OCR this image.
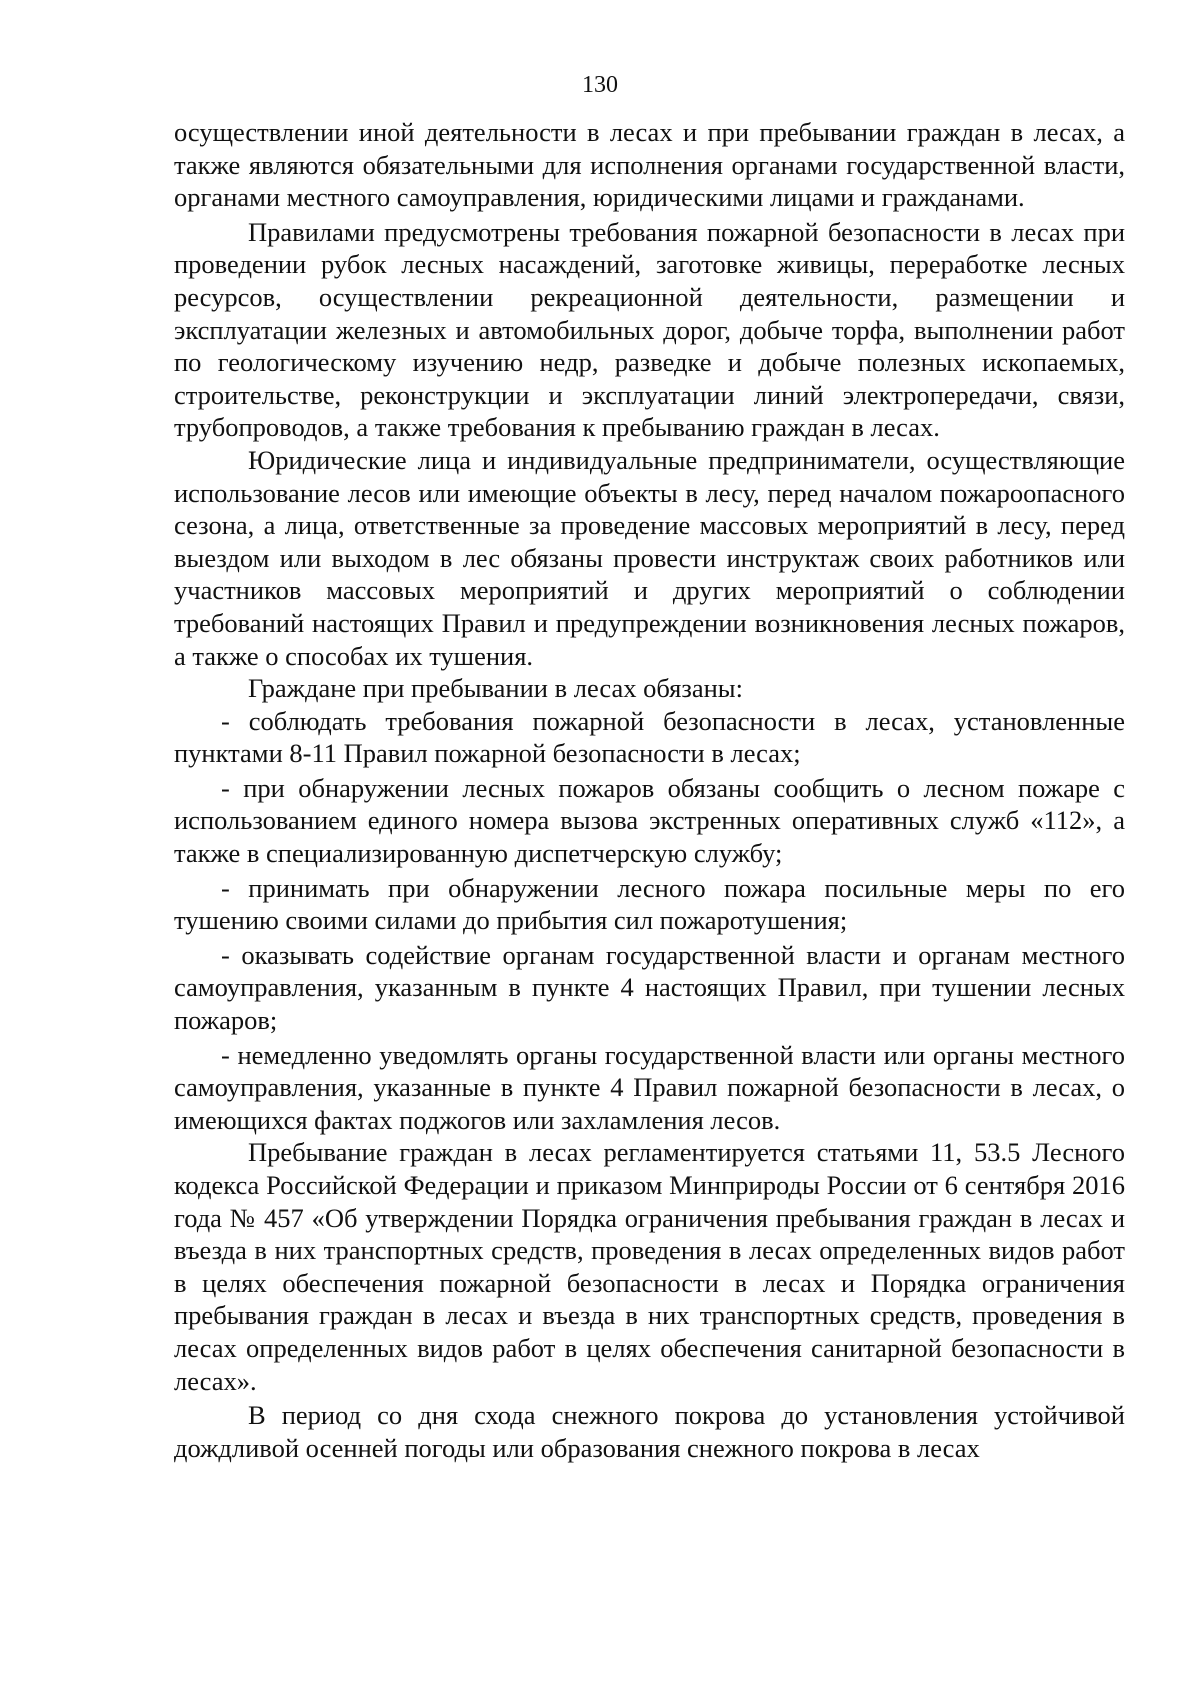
130

осуществлении иной деятельности в лесах и при пребывании граждан в лесах, а также являются обязательными для исполнения органами государственной власти, органами местного самоуправления, юридическими лицами и гражданами.

Правилами предусмотрены требования пожарной безопасности в лесах при проведении рубок лесных насаждений, заготовке живицы, переработке лесных ресурсов, осуществлении рекреационной деятельности, размещении и эксплуатации железных и автомобильных дорог, добыче торфа, выполнении работ по геологическому изучению недр, разведке и добыче полезных ископаемых, строительстве, реконструкции и эксплуатации линий электропередачи, связи, трубопроводов, а также требования к пребыванию граждан в лесах.

Юридические лица и индивидуальные предприниматели, осуществляющие использование лесов или имеющие объекты в лесу, перед началом пожароопасного сезона, а лица, ответственные за проведение массовых мероприятий в лесу, перед выездом или выходом в лес обязаны провести инструктаж своих работников или участников массовых мероприятий и других мероприятий о соблюдении требований настоящих Правил и предупреждении возникновения лесных пожаров, а также о способах их тушения.

Граждане при пребывании в лесах обязаны:

- соблюдать требования пожарной безопасности в лесах, установленные пунктами 8-11 Правил пожарной безопасности в лесах;

- при обнаружении лесных пожаров обязаны сообщить о лесном пожаре с использованием единого номера вызова экстренных оперативных служб «112», а также в специализированную диспетчерскую службу;

- принимать при обнаружении лесного пожара посильные меры по его тушению своими силами до прибытия сил пожаротушения;

- оказывать содействие органам государственной власти и органам местного самоуправления, указанным в пункте 4 настоящих Правил, при тушении лесных пожаров;

- немедленно уведомлять органы государственной власти или органы местного самоуправления, указанные в пункте 4 Правил пожарной безопасности в лесах, о имеющихся фактах поджогов или захламления лесов.

Пребывание граждан в лесах регламентируется статьями 11, 53.5 Лесного кодекса Российской Федерации и приказом Минприроды России от 6 сентября 2016 года № 457 «Об утверждении Порядка ограничения пребывания граждан в лесах и въезда в них транспортных средств, проведения в лесах определенных видов работ в целях обеспечения пожарной безопасности в лесах и Порядка ограничения пребывания граждан в лесах и въезда в них транспортных средств, проведения в лесах определенных видов работ в целях обеспечения санитарной безопасности в лесах».

В период со дня схода снежного покрова до установления устойчивой дождливой осенней погоды или образования снежного покрова в лесах
